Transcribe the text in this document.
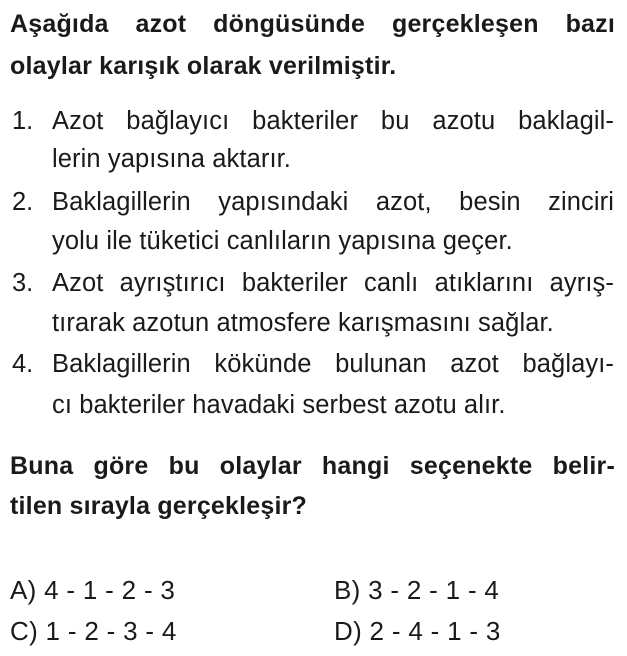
Aşağıda azot döngüsünde gerçekleşen bazı
olaylar karışık olarak verilmiştir.
1. Azot bağlayıcı bakteriler bu azotu baklagil-
lerin yapısına aktarır.
2. Baklagillerin yapısındaki azot, besin zinciri
yolu ile tüketici canlıların yapısına geçer.
3. Azot ayrıştırıcı bakteriler canlı atıklarını ayrış-
tırarak azotun atmosfere karışmasını sağlar.
4. Baklagillerin kökünde bulunan azot bağlayı-
cı bakteriler havadaki serbest azotu alır.
Buna göre bu olaylar hangi seçenekte belir-
tilen sırayla gerçekleşir?
A) 4 - 1 - 2 - 3	B) 3 - 2 - 1 - 4
C) 1 - 2 - 3 - 4	D) 2 - 4 - 1 - 3
